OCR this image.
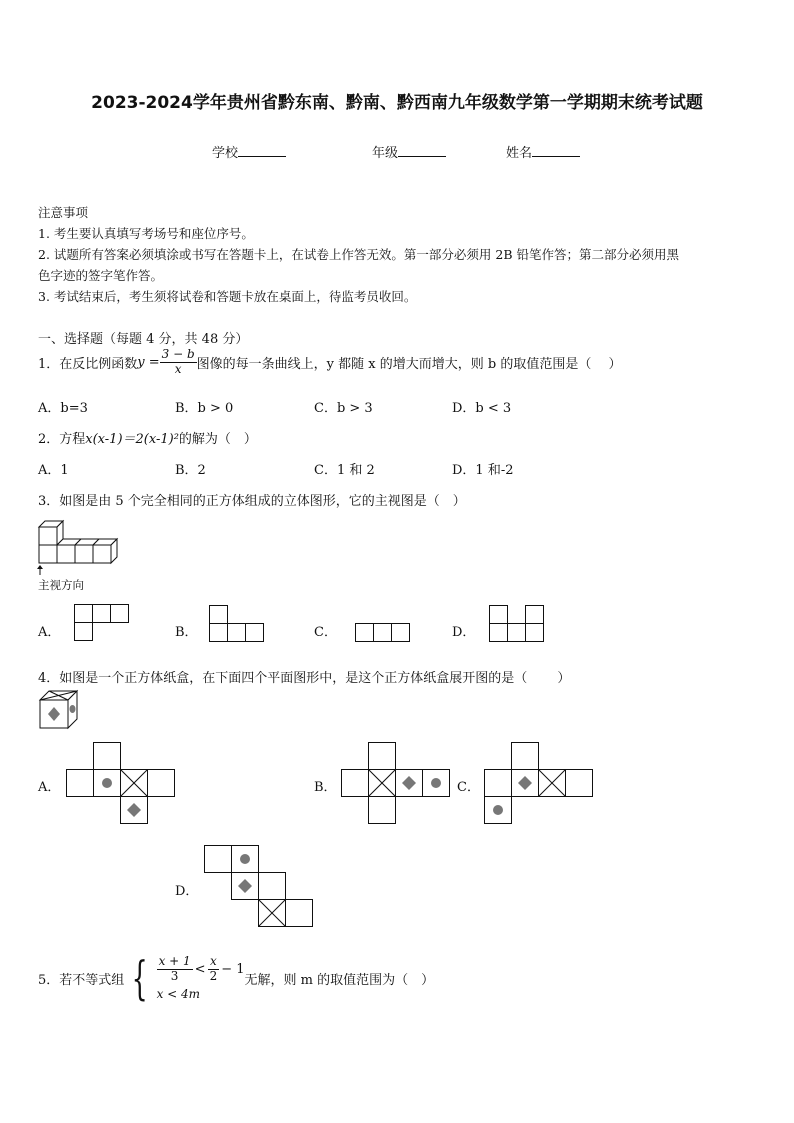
2023-2024学年贵州省黔东南、黔南、黔西南九年级数学第一学期期末统考试题
学校	年级	姓名
注意事项
1. 考生要认真填写考场号和座位序号。
2. 试题所有答案必须填涂或书写在答题卡上，在试卷上作答无效。第一部分必须用 2B 铅笔作答；第二部分必须用黑
色字迹的签字笔作答。
3. 考试结束后，考生须将试卷和答题卡放在桌面上，待监考员收回。
一、选择题（每题 4 分，共 48 分）
1．在反比例函数 $y = \frac{3 - b}{x}$ 图像的每一条曲线上，y 都随 x 的增大而增大，则 b 的取值范围是（　 ）
A．b=3	B．b > 0	C．b > 3	D．b < 3
2．方程x(x-1)＝2(x-1)²的解为（　）
A．1	B．2	C．1 和 2	D．1 和-2
3．如图是由 5 个完全相同的正方体组成的立体图形，它的主视图是（　）
主视方向
A．	B．	C．	D．
4．如图是一个正方体纸盒，在下面四个平面图形中，是这个正方体纸盒展开图的是（　　 ）
A．	B．	C．
D．
5．若不等式组 { $\frac{x + 1}{3} < \frac{x}{2} - 1$
x < 4m
无解，则 m 的取值范围为（　）
